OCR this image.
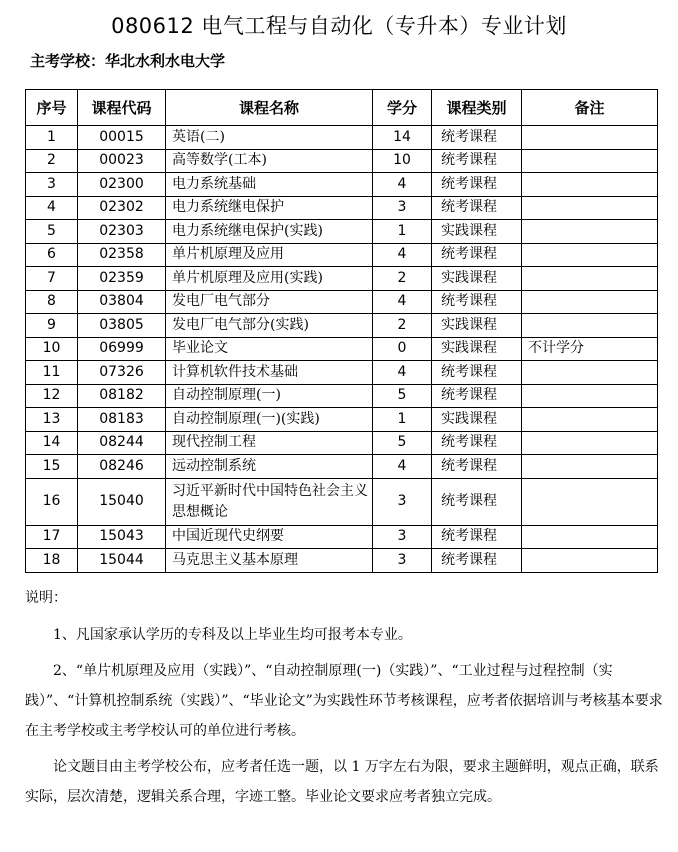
080612 电气工程与自动化（专升本）专业计划
主考学校：华北水利水电大学
序号	课程代码	课程名称	学分	课程类别	备注
1	00015	英语(二)	14	统考课程	
2	00023	高等数学(工本)	10	统考课程	
3	02300	电力系统基础	4	统考课程	
4	02302	电力系统继电保护	3	统考课程	
5	02303	电力系统继电保护(实践)	1	实践课程	
6	02358	单片机原理及应用	4	统考课程	
7	02359	单片机原理及应用(实践)	2	实践课程	
8	03804	发电厂电气部分	4	统考课程	
9	03805	发电厂电气部分(实践)	2	实践课程	
10	06999	毕业论文	0	实践课程	不计学分
11	07326	计算机软件技术基础	4	统考课程	
12	08182	自动控制原理(一)	5	统考课程	
13	08183	自动控制原理(一)(实践)	1	实践课程	
14	08244	现代控制工程	5	统考课程	
15	08246	远动控制系统	4	统考课程	
16	15040	习近平新时代中国特色社会主义思想概论	3	统考课程	
17	15043	中国近现代史纲要	3	统考课程	
18	15044	马克思主义基本原理	3	统考课程	
说明：

1、凡国家承认学历的专科及以上毕业生均可报考本专业。

2、“单片机原理及应用（实践）”、“自动控制原理(一)（实践）”、“工业过程与过程控制（实践）”、“计算机控制系统（实践）”、“毕业论文”为实践性环节考核课程，应考者依据培训与考核基本要求在主考学校或主考学校认可的单位进行考核。

论文题目由主考学校公布，应考者任选一题，以 1 万字左右为限，要求主题鲜明，观点正确，联系实际，层次清楚，逻辑关系合理，字迹工整。毕业论文要求应考者独立完成。
